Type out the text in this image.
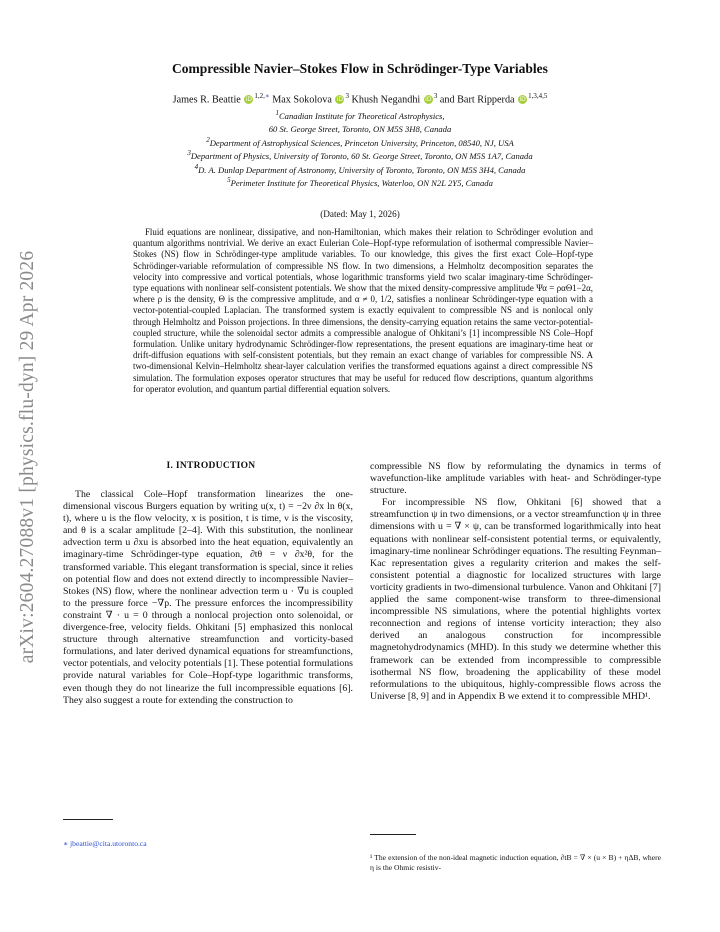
arXiv:2604.27088v1 [physics.flu-dyn] 29 Apr 2026
Compressible Navier–Stokes Flow in Schrödinger-Type Variables
James R. Beattie iD $^{1,2,∗}$ Max Sokolova iD $^3$ Khush Negandhi iD $^3$ and Bart Ripperda iD $^{1,3,4,5}$
$^1$Canadian Institute for Theoretical Astrophysics,
60 St. George Street, Toronto, ON M5S 3H8, Canada
$^2$Department of Astrophysical Sciences, Princeton University, Princeton, 08540, NJ, USA
$^3$Department of Physics, University of Toronto, 60 St. George Street, Toronto, ON M5S 1A7, Canada
$^4$D. A. Dunlap Department of Astronomy, University of Toronto, Toronto, ON M5S 3H4, Canada
$^5$Perimeter Institute for Theoretical Physics, Waterloo, ON N2L 2Y5, Canada
(Dated: May 1, 2026)
Fluid equations are nonlinear, dissipative, and non-Hamiltonian, which makes their relation to Schrödinger evolution and quantum algorithms nontrivial. We derive an exact Eulerian Cole–Hopf-type reformulation of isothermal compressible Navier–Stokes (NS) flow in Schrödinger-type amplitude variables. To our knowledge, this gives the first exact Cole–Hopf-type Schrödinger-variable reformulation of compressible NS flow. In two dimensions, a Helmholtz decomposition separates the velocity into compressive and vortical potentials, whose logarithmic transforms yield two scalar imaginary-time Schrödinger-type equations with nonlinear self-consistent potentials. We show that the mixed density-compressive amplitude Ψα = ραΘ1−2α, where ρ is the density, Θ is the compressive amplitude, and α ≠ 0, 1/2, satisfies a nonlinear Schrödinger-type equation with a vector-potential-coupled Laplacian. The transformed system is exactly equivalent to compressible NS and is nonlocal only through Helmholtz and Poisson projections. In three dimensions, the density-carrying equation retains the same vector-potential-coupled structure, while the solenoidal sector admits a compressible analogue of Ohkitani’s [1] incompressible NS Cole–Hopf formulation. Unlike unitary hydrodynamic Schrödinger-flow representations, the present equations are imaginary-time heat or drift-diffusion equations with self-consistent potentials, but they remain an exact change of variables for compressible NS. A two-dimensional Kelvin–Helmholtz shear-layer calculation verifies the transformed equations against a direct compressible NS simulation. The formulation exposes operator structures that may be useful for reduced flow descriptions, quantum algorithms for operator evolution, and quantum partial differential equation solvers.
I. INTRODUCTION

The classical Cole–Hopf transformation linearizes the one-dimensional viscous Burgers equation by writing u(x, t) = −2ν ∂x ln θ(x, t), where u is the flow velocity, x is position, t is time, ν is the viscosity, and θ is a scalar amplitude [2–4]. With this substitution, the nonlinear advection term u ∂xu is absorbed into the heat equation, equivalently an imaginary-time Schrödinger-type equation, ∂tθ = ν ∂x²θ, for the transformed variable. This elegant transformation is special, since it relies on potential flow and does not extend directly to incompressible Navier–Stokes (NS) flow, where the nonlinear advection term u · ∇u is coupled to the pressure force −∇p. The pressure enforces the incompressibility constraint ∇ · u = 0 through a nonlocal projection onto solenoidal, or divergence-free, velocity fields. Ohkitani [5] emphasized this nonlocal structure through alternative streamfunction and vorticity-based formulations, and later derived dynamical equations for streamfunctions, vector potentials, and velocity potentials [1]. These potential formulations provide natural variables for Cole–Hopf-type logarithmic transforms, even though they do not linearize the full incompressible equations [6]. They also suggest a route for extending the construction to

compressible NS flow by reformulating the dynamics in terms of wavefunction-like amplitude variables with heat- and Schrödinger-type structure.

For incompressible NS flow, Ohkitani [6] showed that a streamfunction ψ in two dimensions, or a vector streamfunction ψ in three dimensions with u = ∇ × ψ, can be transformed logarithmically into heat equations with nonlinear self-consistent potential terms, or equivalently, imaginary-time nonlinear Schrödinger equations. The resulting Feynman–Kac representation gives a regularity criterion and makes the self-consistent potential a diagnostic for localized structures with large vorticity gradients in two-dimensional turbulence. Vanon and Ohkitani [7] applied the same component-wise transform to three-dimensional incompressible NS simulations, where the potential highlights vortex reconnection and regions of intense vorticity interaction; they also derived an analogous construction for incompressible magnetohydrodynamics (MHD). In this study we determine whether this framework can be extended from incompressible to compressible isothermal NS flow, broadening the applicability of these model reformulations to the ubiquitous, highly-compressible flows across the Universe [8, 9] and in Appendix B we extend it to compressible MHD¹.

∗ jbeattie@cita.utoronto.ca
¹ The extension of the non-ideal magnetic induction equation, ∂tB = ∇ × (u × B) + ηΔB, where η is the Ohmic resistiv-
